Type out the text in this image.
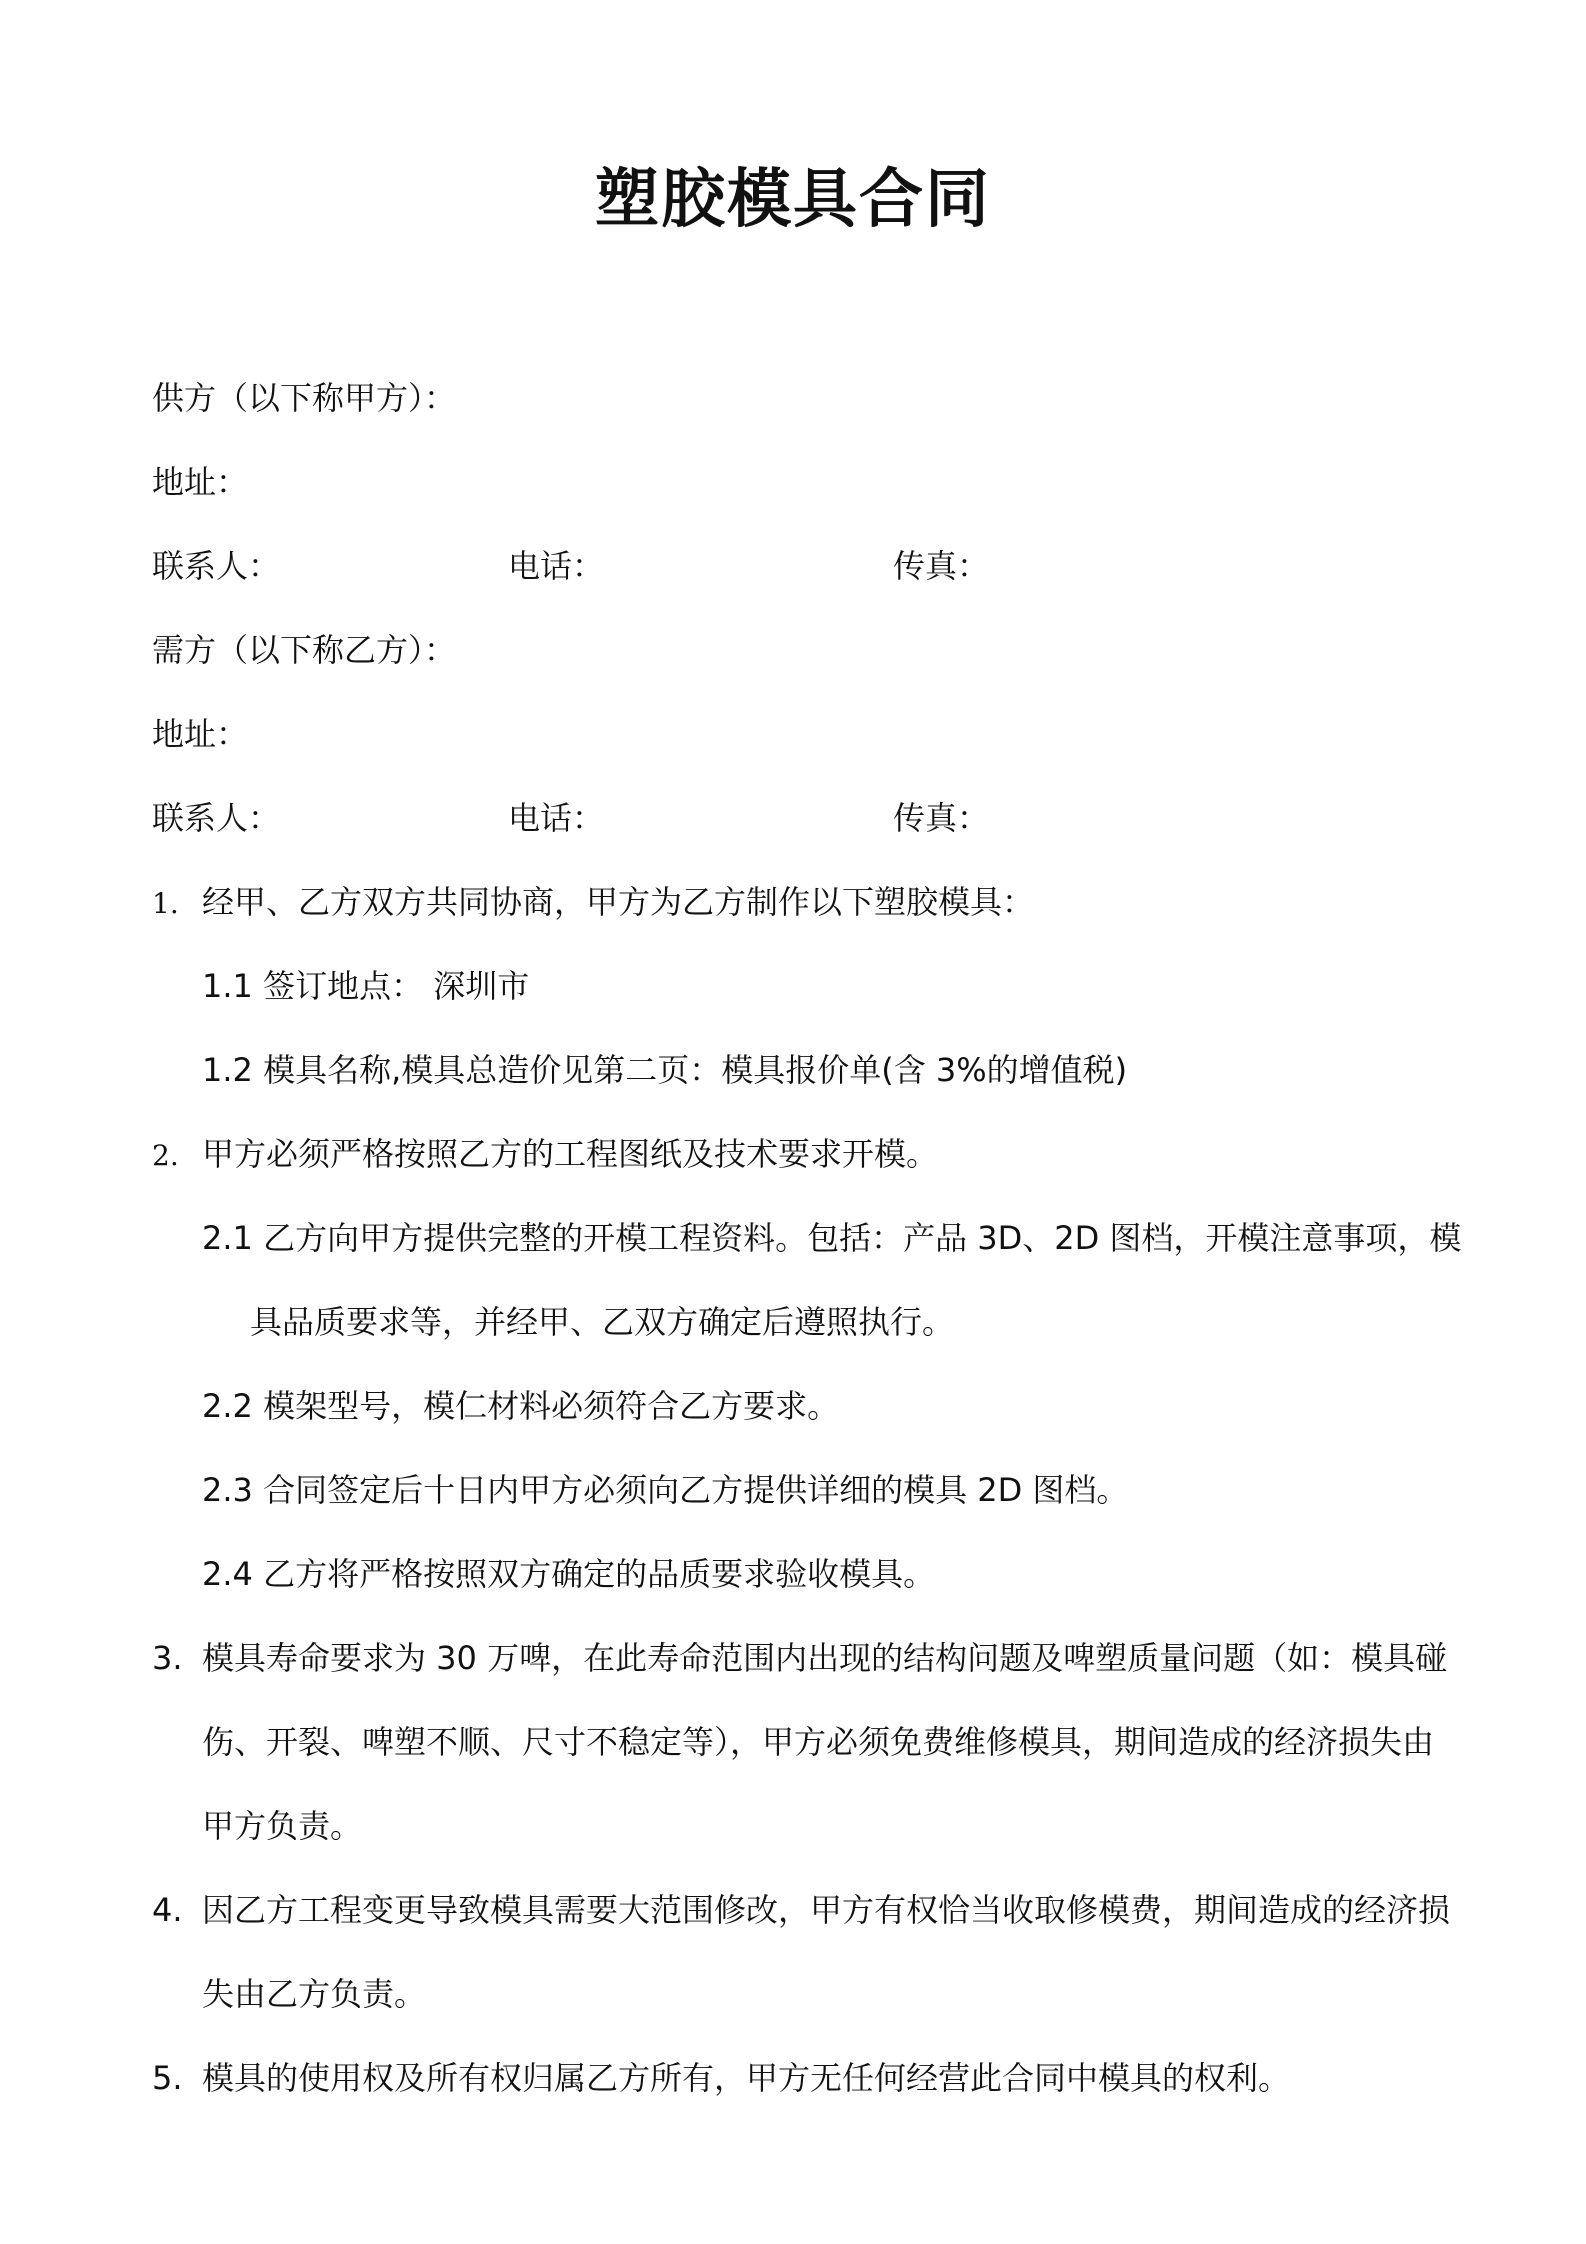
塑胶模具合同
供方（以下称甲方）：
地址：
联系人：	电话：	传真：
需方（以下称乙方）：
地址：
联系人：	电话：	传真：
1. 经甲、乙方双方共同协商，甲方为乙方制作以下塑胶模具：
1.1 签订地点： 深圳市
1.2 模具名称,模具总造价见第二页：模具报价单(含 3%的增值税)
2. 甲方必须严格按照乙方的工程图纸及技术要求开模。
2.1 乙方向甲方提供完整的开模工程资料。包括：产品 3D、2D 图档，开模注意事项，模
具品质要求等，并经甲、乙双方确定后遵照执行。
2.2 模架型号，模仁材料必须符合乙方要求。
2.3 合同签定后十日内甲方必须向乙方提供详细的模具 2D 图档。
2.4 乙方将严格按照双方确定的品质要求验收模具。
3. 模具寿命要求为 30 万啤，在此寿命范围内出现的结构问题及啤塑质量问题（如：模具碰
伤、开裂、啤塑不顺、尺寸不稳定等），甲方必须免费维修模具，期间造成的经济损失由
甲方负责。
4. 因乙方工程变更导致模具需要大范围修改，甲方有权恰当收取修模费，期间造成的经济损
失由乙方负责。
5. 模具的使用权及所有权归属乙方所有，甲方无任何经营此合同中模具的权利。
